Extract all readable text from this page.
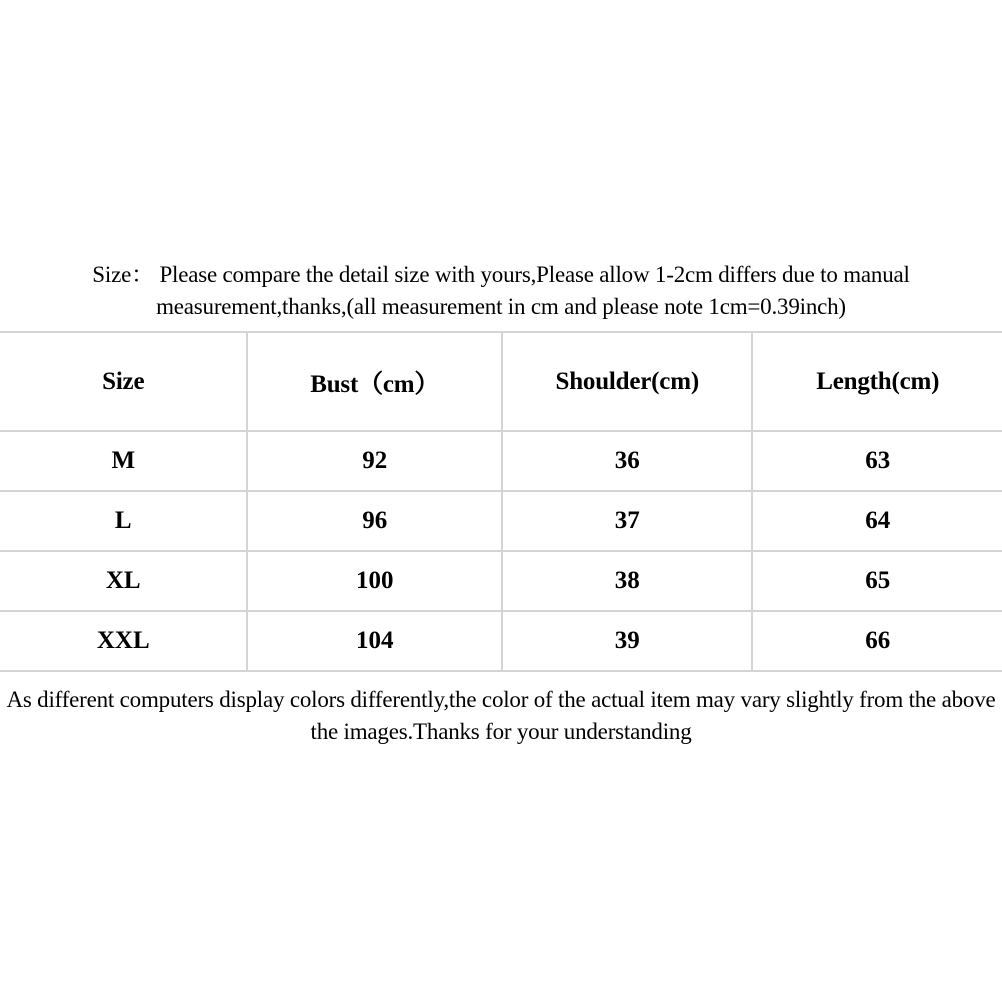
Size： Please compare the detail size with yours,Please allow 1-2cm differs due to manual
measurement,thanks,(all measurement in cm and please note 1cm=0.39inch)
Size	Bust（cm）	Shoulder(cm)	Length(cm)
M	92	36	63
L	96	37	64
XL	100	38	65
XXL	104	39	66
As different computers display colors differently,the color of the actual item may vary slightly from the above
the images.Thanks for your understanding
